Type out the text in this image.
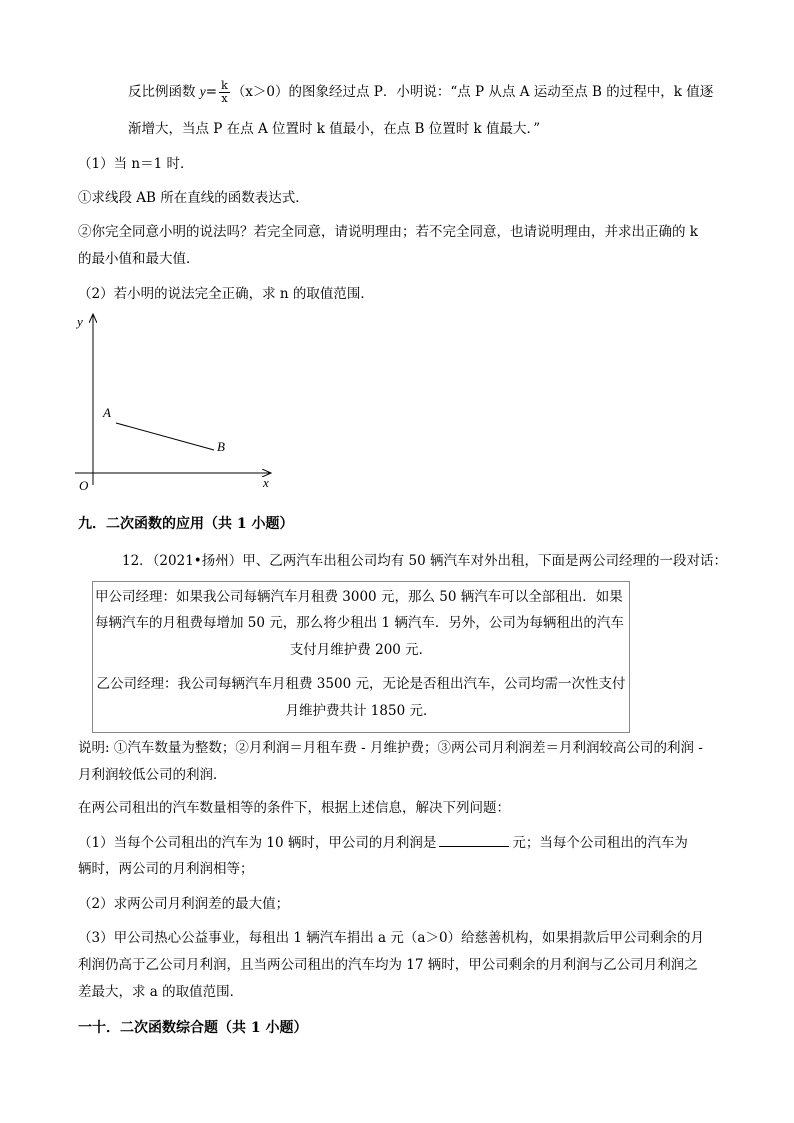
反比例函数 $y= \frac{k}{x} (x>0)$的图象经过点 P．小明说：“点 P 从点 A 运动至点 B 的过程中，k 值逐
渐增大，当点 P 在点 A 位置时 k 值最小，在点 B 位置时 k 值最大．”
（1）当 n＝1 时．
①求线段 AB 所在直线的函数表达式．
②你完全同意小明的说法吗？若完全同意，请说明理由；若不完全同意，也请说明理由，并求出正确的 k
的最小值和最大值．
（2）若小明的说法完全正确，求 n 的取值范围．
y
x
O
A
B
九．二次函数的应用（共 1 小题）
12．（2021•扬州）甲、乙两汽车出租公司均有 50 辆汽车对外出租，下面是两公司经理的一段对话：
甲公司经理：如果我公司每辆汽车月租费 3000 元，那么 50 辆汽车可以全部租出．如果
每辆汽车的月租费每增加 50 元，那么将少租出 1 辆汽车．另外，公司为每辆租出的汽车
支付月维护费 200 元．
乙公司经理：我公司每辆汽车月租费 3500 元，无论是否租出汽车，公司均需一次性支付
月维护费共计 1850 元．
说明: ①汽车数量为整数；②月利润＝月租车费 - 月维护费；③两公司月利润差＝月利润较高公司的利润 -
月利润较低公司的利润．
在两公司租出的汽车数量相等的条件下，根据上述信息，解决下列问题：
（1）当每个公司租出的汽车为 10 辆时，甲公司的月利润是	元；当每个公司租出的汽车为
辆时，两公司的月利润相等；
（2）求两公司月利润差的最大值；
（3）甲公司热心公益事业，每租出 1 辆汽车捐出 a 元（a＞0）给慈善机构，如果捐款后甲公司剩余的月
利润仍高于乙公司月利润，且当两公司租出的汽车均为 17 辆时，甲公司剩余的月利润与乙公司月利润之
差最大，求 a 的取值范围．
一十．二次函数综合题（共 1 小题）
